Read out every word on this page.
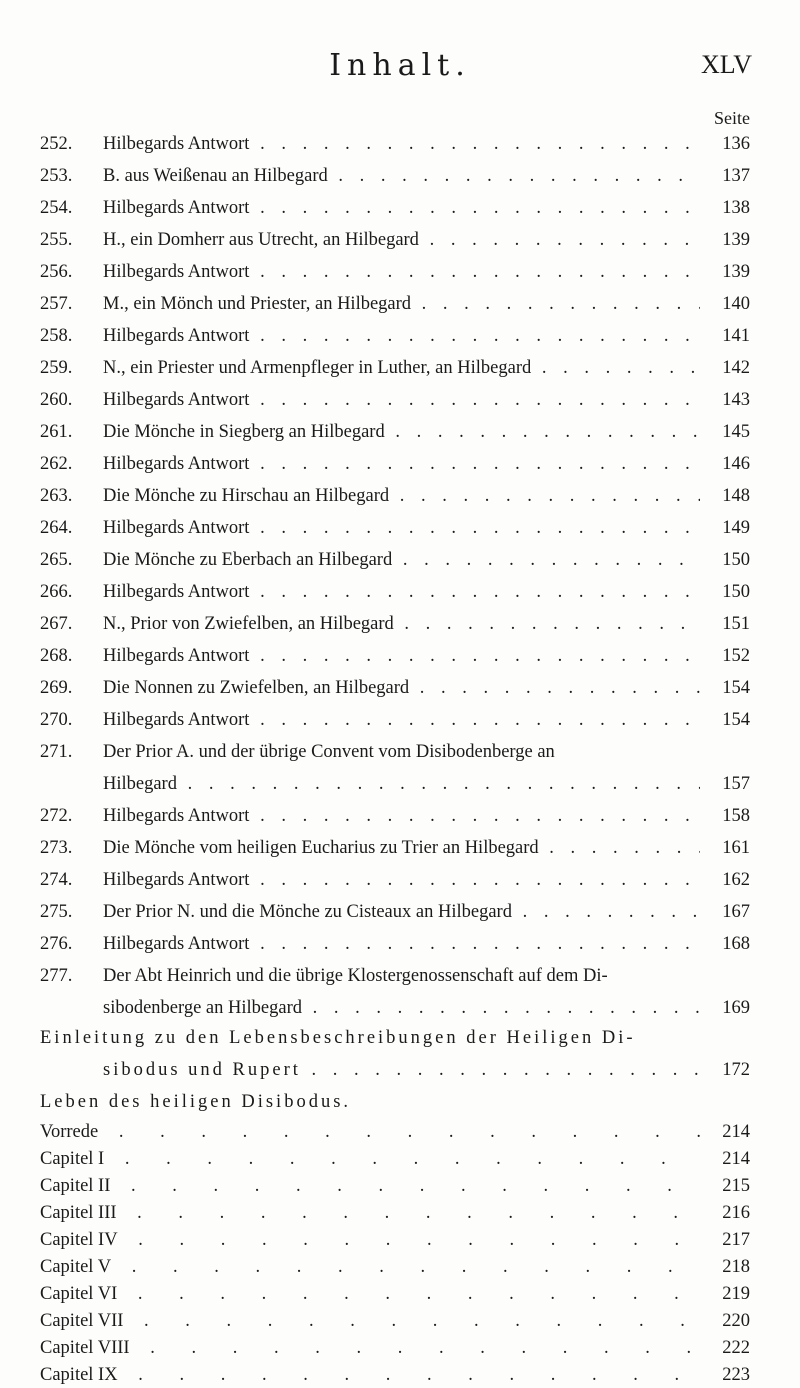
Inhalt.	XLV
Seite
252.	Hilbegards Antwort . . .	136
253.	B. aus Weißenau an Hilbegard . . .	137
254.	Hilbegards Antwort . . .	138
255.	H., ein Domherr aus Utrecht, an Hilbegard . . .	139
256.	Hilbegards Antwort . . .	139
257.	M., ein Mönch und Priester, an Hilbegard . . .	140
258.	Hilbegards Antwort . . .	141
259.	N., ein Priester und Armenpfleger in Luther, an Hilbegard . . .	142
260.	Hilbegards Antwort . . .	143
261.	Die Mönche in Siegberg an Hilbegard . . .	145
262.	Hilbegards Antwort . . .	146
263.	Die Mönche zu Hirschau an Hilbegard . . .	148
264.	Hilbegards Antwort . . .	149
265.	Die Mönche zu Eberbach an Hilbegard . . .	150
266.	Hilbegards Antwort . . .	150
267.	N., Prior von Zwiefelben, an Hilbegard . . .	151
268.	Hilbegards Antwort . . .	152
269.	Die Nonnen zu Zwiefelben, an Hilbegard . . .	154
270.	Hilbegards Antwort . . .	154
271.	Der Prior A. und der übrige Convent vom Disibodenberge an
Hilbegard . . .	157
272.	Hilbegards Antwort . . .	158
273.	Die Mönche vom heiligen Eucharius zu Trier an Hilbegard . . .	161
274.	Hilbegards Antwort . . .	162
275.	Der Prior N. und die Mönche zu Cisteaux an Hilbegard . . .	167
276.	Hilbegards Antwort . . .	168
277.	Der Abt Heinrich und die übrige Klostergenossenschaft auf dem Di-
sibodenberge an Hilbegard . . .	169
Einleitung zu den Lebensbeschreibungen der Heiligen Di-
sibodus und Rupert . . .	172
Leben des heiligen Disibodus.
Vorrede . . .	214
Capitel I . . .	214
Capitel II . . .	215
Capitel III . . .	216
Capitel IV . . .	217
Capitel V . . .	218
Capitel VI . . .	219
Capitel VII . . .	220
Capitel VIII . . .	222
Capitel IX . . .	223
